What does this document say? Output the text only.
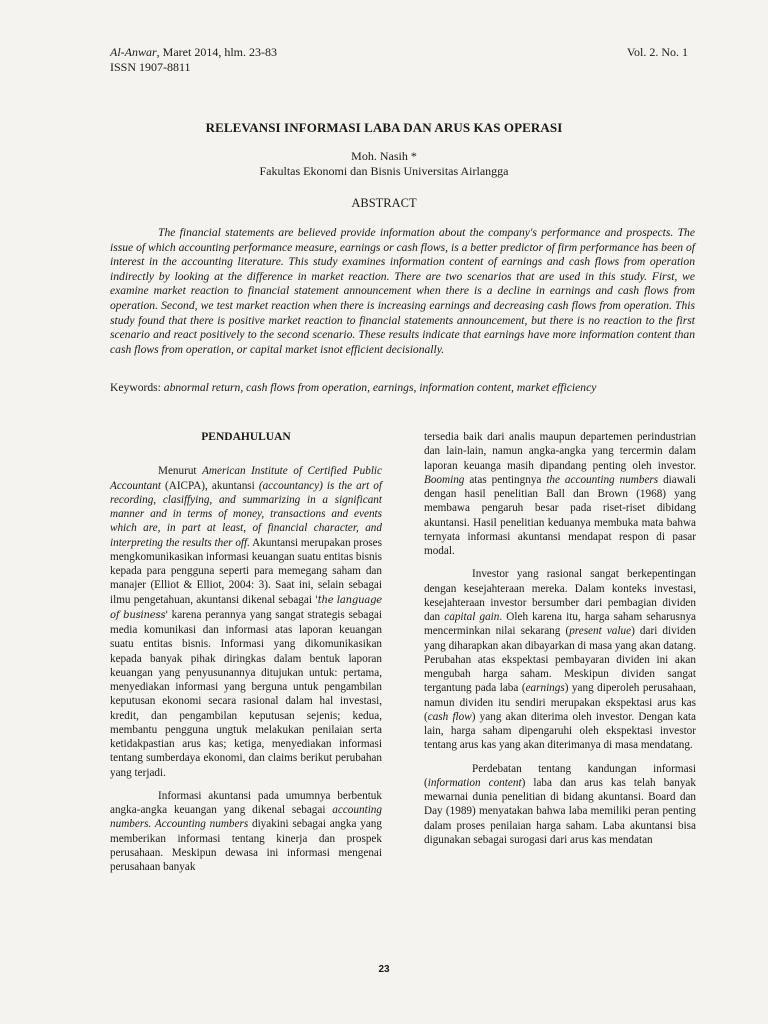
Al-Anwar, Maret 2014, hlm. 23-83
ISSN 1907-8811
Vol. 2. No. 1
RELEVANSI INFORMASI LABA DAN ARUS KAS OPERASI
Moh. Nasih *
Fakultas Ekonomi dan Bisnis Universitas Airlangga
ABSTRACT

The financial statements are believed provide information about the company's performance and prospects. The issue of which accounting performance measure, earnings or cash flows, is a better predictor of firm performance has been of interest in the accounting literature. This study examines information content of earnings and cash flows from operation indirectly by looking at the difference in market reaction. There are two scenarios that are used in this study. First, we examine market reaction to financial statement announcement when there is a decline in earnings and cash flows from operation. Second, we test market reaction when there is increasing earnings and decreasing cash flows from operation. This study found that there is positive market reaction to financial statements announcement, but there is no reaction to the first scenario and react positively to the second scenario. These results indicate that earnings have more information content than cash flows from operation, or capital market isnot efficient decisionally.

Keywords: abnormal return, cash flows from operation, earnings, information content, market efficiency
PENDAHULUAN

Menurut American Institute of Certified Public Accountant (AICPA), akuntansi (accountancy) is the art of recording, clasiffying, and summarizing in a significant manner and in terms of money, transactions and events which are, in part at least, of financial character, and interpreting the results ther off. Akuntansi merupakan proses mengkomunikasikan informasi keuangan suatu entitas bisnis kepada para pengguna seperti para memegang saham dan manajer (Elliot & Elliot, 2004: 3). Saat ini, selain sebagai ilmu pengetahuan, akuntansi dikenal sebagai 'the language of business' karena perannya yang sangat strategis sebagai media komunikasi dan informasi atas laporan keuangan suatu entitas bisnis. Informasi yang dikomunikasikan kepada banyak pihak diringkas dalam bentuk laporan keuangan yang penyusunannya ditujukan untuk: pertama, menyediakan informasi yang berguna untuk pengambilan keputusan ekonomi secara rasional dalam hal investasi, kredit, dan pengambilan keputusan sejenis; kedua, membantu pengguna ungtuk melakukan penilaian serta ketidakpastian arus kas; ketiga, menyediakan informasi tentang sumberdaya ekonomi, dan claims berikut perubahan yang terjadi.

Informasi akuntansi pada umumnya berbentuk angka-angka keuangan yang dikenal sebagai accounting numbers. Accounting numbers diyakini sebagai angka yang memberikan informasi tentang kinerja dan prospek perusahaan. Meskipun dewasa ini informasi mengenai perusahaan banyak

tersedia baik dari analis maupun departemen perindustrian dan lain-lain, namun angka-angka yang tercermin dalam laporan keuanga masih dipandang penting oleh investor. Booming atas pentingnya the accounting numbers diawali dengan hasil penelitian Ball dan Brown (1968) yang membawa pengaruh besar pada riset-riset dibidang akuntansi. Hasil penelitian keduanya membuka mata bahwa ternyata informasi akuntansi mendapat respon di pasar modal.

Investor yang rasional sangat berkepentingan dengan kesejahteraan mereka. Dalam konteks investasi, kesejahteraan investor bersumber dari pembagian dividen dan capital gain. Oleh karena itu, harga saham seharusnya mencerminkan nilai sekarang (present value) dari dividen yang diharapkan akan dibayarkan di masa yang akan datang. Perubahan atas ekspektasi pembayaran dividen ini akan mengubah harga saham. Meskipun dividen sangat tergantung pada laba (earnings) yang diperoleh perusahaan, namun dividen itu sendiri merupakan ekspektasi arus kas (cash flow) yang akan diterima oleh investor. Dengan kata lain, harga saham dipengaruhi oleh ekspektasi investor tentang arus kas yang akan diterimanya di masa mendatang.

Perdebatan tentang kandungan informasi (information content) laba dan arus kas telah banyak mewarnai dunia penelitian di bidang akuntansi. Board dan Day (1989) menyatakan bahwa laba memiliki peran penting dalam proses penilaian harga saham. Laba akuntansi bisa digunakan sebagai surogasi dari arus kas mendatan

23
